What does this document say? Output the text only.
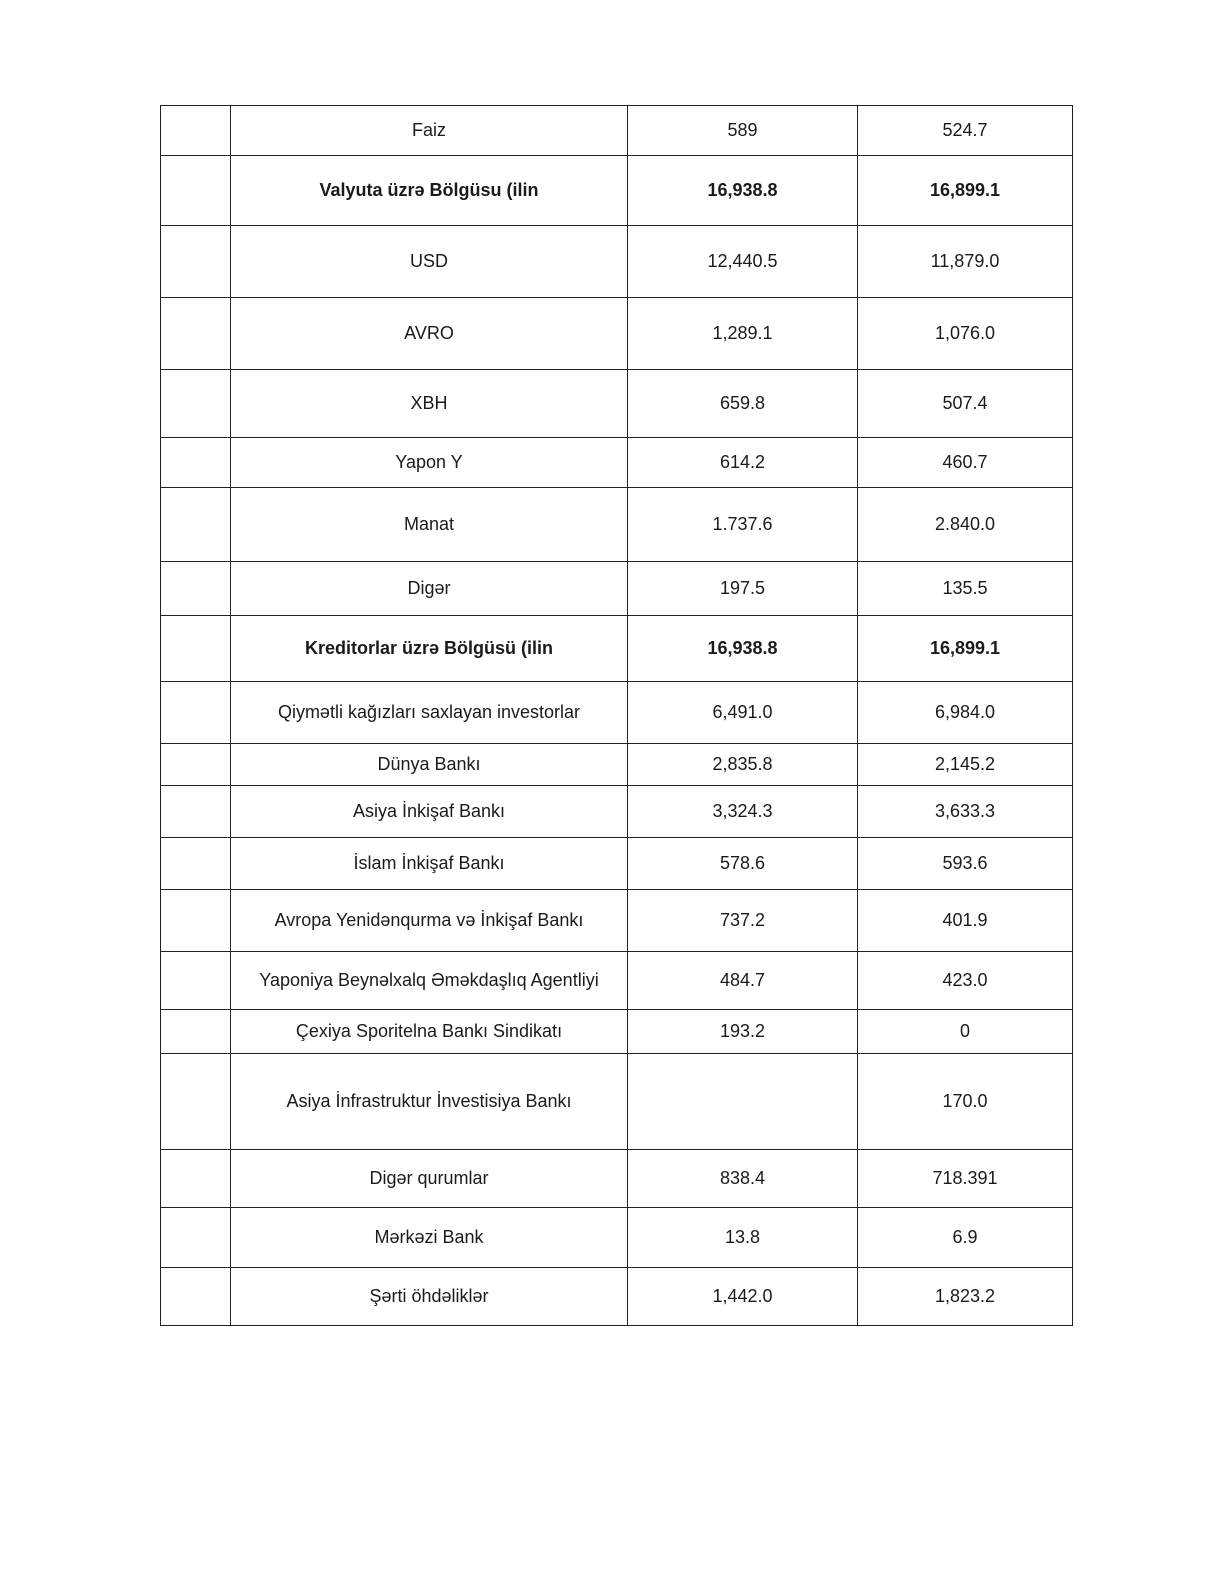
	Faiz	589	524.7
	Valyuta üzrə Bölgüsu (ilin	16,938.8	16,899.1
	USD	12,440.5	11,879.0
	AVRO	1,289.1	1,076.0
	XBH	659.8	507.4
	Yapon Y	614.2	460.7
	Manat	1.737.6	2.840.0
	Digər	197.5	135.5
	Kreditorlar üzrə Bölgüsü (ilin	16,938.8	16,899.1
	Qiymətli kağızları saxlayan investorlar	6,491.0	6,984.0
	Dünya Bankı	2,835.8	2,145.2
	Asiya İnkişaf Bankı	3,324.3	3,633.3
	İslam İnkişaf Bankı	578.6	593.6
	Avropa Yenidənqurma və İnkişaf Bankı	737.2	401.9
	Yaponiya Beynəlxalq Əməkdaşlıq Agentliyi	484.7	423.0
	Çexiya Sporitelna Bankı Sindikatı	193.2	0
	Asiya İnfrastruktur İnvestisiya Bankı		170.0
	Digər qurumlar	838.4	718.391
	Mərkəzi Bank	13.8	6.9
	Şərti öhdəliklər	1,442.0	1,823.2
